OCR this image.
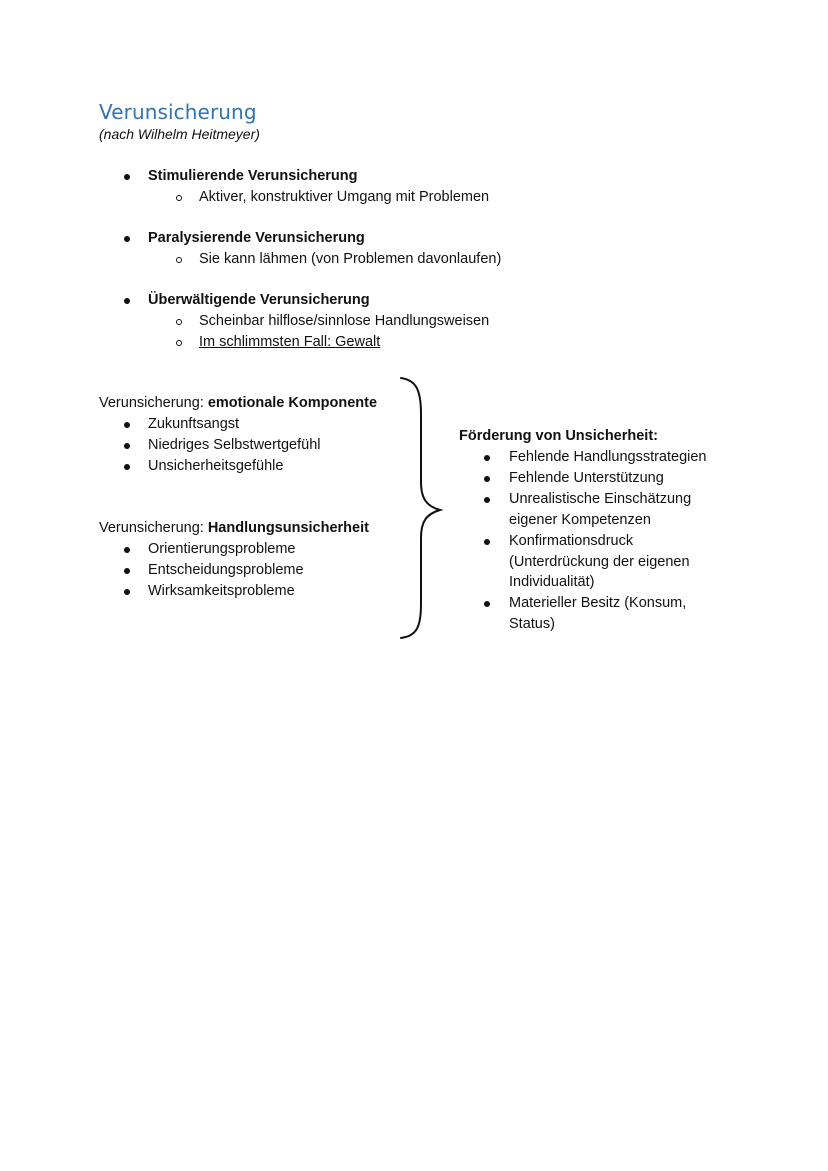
Verunsicherung
(nach Wilhelm Heitmeyer)
Stimulierende Verunsicherung
Aktiver, konstruktiver Umgang mit Problemen
Paralysierende Verunsicherung
Sie kann lähmen (von Problemen davonlaufen)
Überwältigende Verunsicherung
Scheinbar hilflose/sinnlose Handlungsweisen
Im schlimmsten Fall: Gewalt
Verunsicherung: emotionale Komponente
Zukunftsangst
Niedriges Selbstwertgefühl
Unsicherheitsgefühle
Verunsicherung: Handlungsunsicherheit
Orientierungsprobleme
Entscheidungsprobleme
Wirksamkeitsprobleme
Förderung von Unsicherheit:
Fehlende Handlungsstrategien
Fehlende Unterstützung
Unrealistische Einschätzung
eigener Kompetenzen
Konfirmationsdruck
(Unterdrückung der eigenen
Individualität)
Materieller Besitz (Konsum,
Status)
